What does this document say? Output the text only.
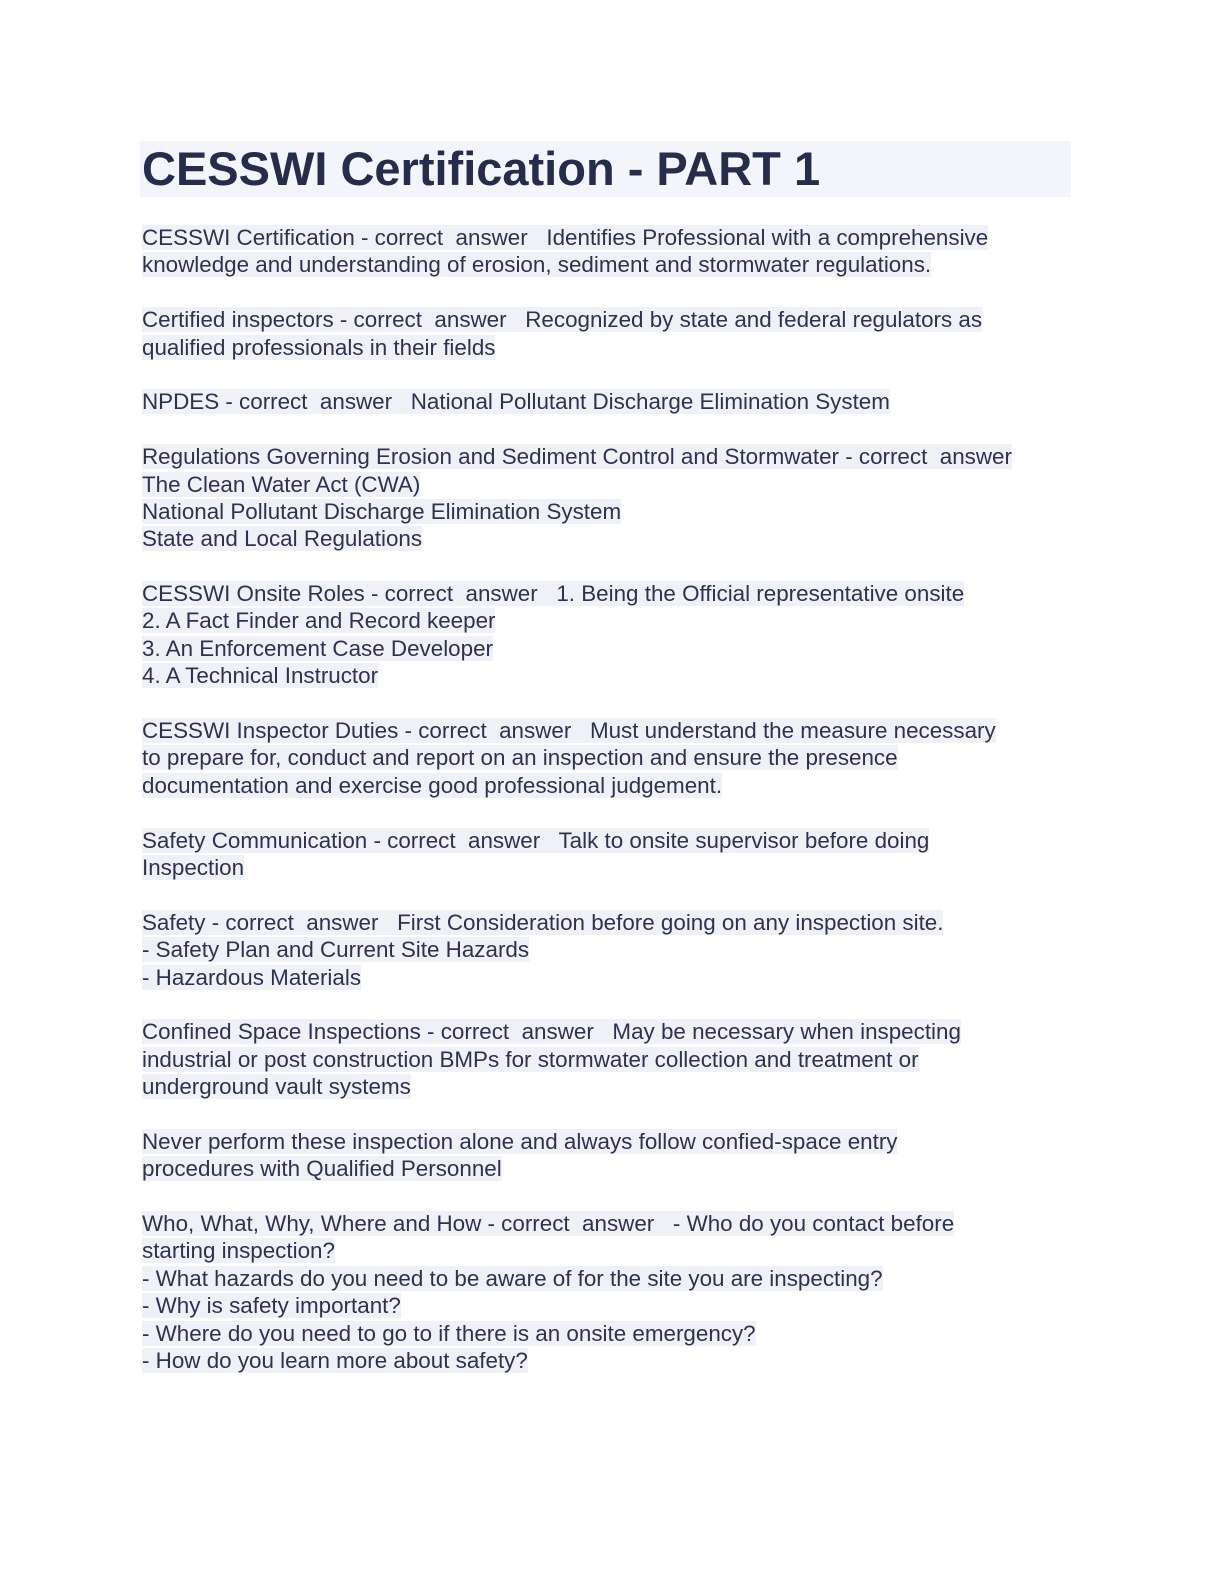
CESSWI Certification - PART 1
CESSWI Certification - correct  answer   Identifies Professional with a comprehensive
knowledge and understanding of erosion, sediment and stormwater regulations.
Certified inspectors - correct  answer   Recognized by state and federal regulators as
qualified professionals in their fields
NPDES - correct  answer   National Pollutant Discharge Elimination System
Regulations Governing Erosion and Sediment Control and Stormwater - correct  answer
The Clean Water Act (CWA)
National Pollutant Discharge Elimination System
State and Local Regulations
CESSWI Onsite Roles - correct  answer   1. Being the Official representative onsite
2. A Fact Finder and Record keeper
3. An Enforcement Case Developer
4. A Technical Instructor
CESSWI Inspector Duties - correct  answer   Must understand the measure necessary
to prepare for, conduct and report on an inspection and ensure the presence
documentation and exercise good professional judgement.
Safety Communication - correct  answer   Talk to onsite supervisor before doing
Inspection
Safety - correct  answer   First Consideration before going on any inspection site.
- Safety Plan and Current Site Hazards
- Hazardous Materials
Confined Space Inspections - correct  answer   May be necessary when inspecting
industrial or post construction BMPs for stormwater collection and treatment or
underground vault systems
Never perform these inspection alone and always follow confied-space entry
procedures with Qualified Personnel
Who, What, Why, Where and How - correct  answer   - Who do you contact before
starting inspection?
- What hazards do you need to be aware of for the site you are inspecting?
- Why is safety important?
- Where do you need to go to if there is an onsite emergency?
- How do you learn more about safety?
